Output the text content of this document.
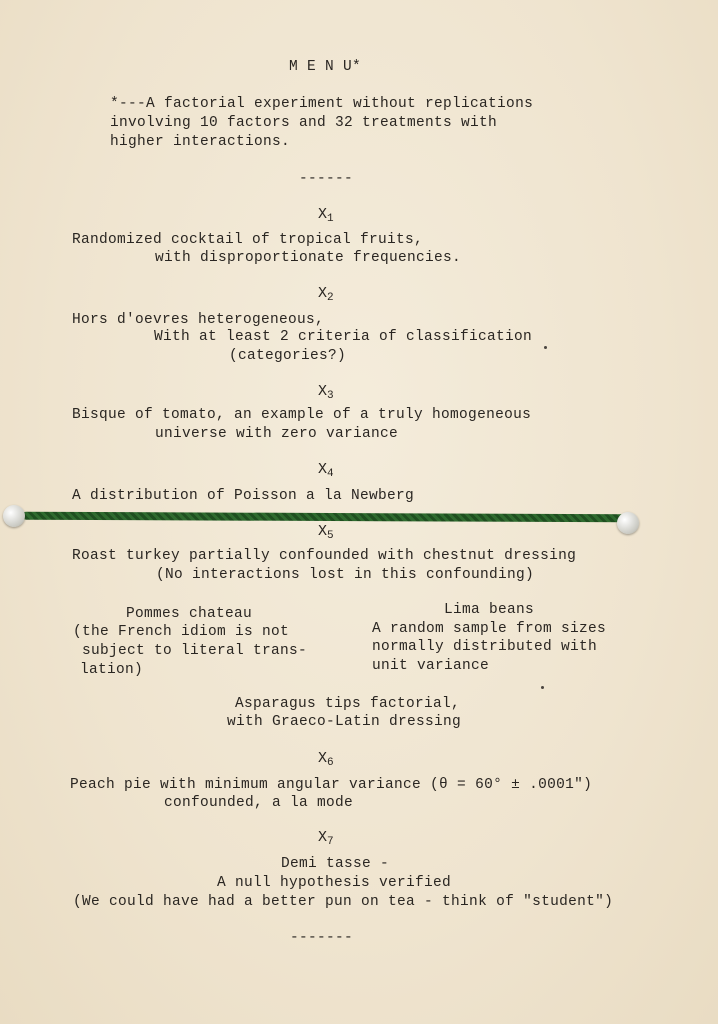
M E N U*
*---A factorial experiment without replications
involving 10 factors and 32 treatments with
higher interactions.
------
$X_1$
Randomized cocktail of tropical fruits,
with disproportionate frequencies.
$X_2$
Hors d'oevres heterogeneous,
With at least 2 criteria of classification
(categories?)
$X_3$
Bisque of tomato, an example of a truly homogeneous
universe with zero variance
$X_4$
A distribution of Poisson a la Newberg
$X_5$
Roast turkey partially confounded with chestnut dressing
(No interactions lost in this confounding)
Pommes chateau
(the French idiom is not
subject to literal trans-
lation)
Lima beans
A random sample from sizes
normally distributed with
unit variance
Asparagus tips factorial,
with Graeco-Latin dressing
$X_6$
Peach pie with minimum angular variance (θ = 60° ± .0001")
confounded, a la mode
$X_7$
Demi tasse -
A null hypothesis verified
(We could have had a better pun on tea - think of "student")
-------
